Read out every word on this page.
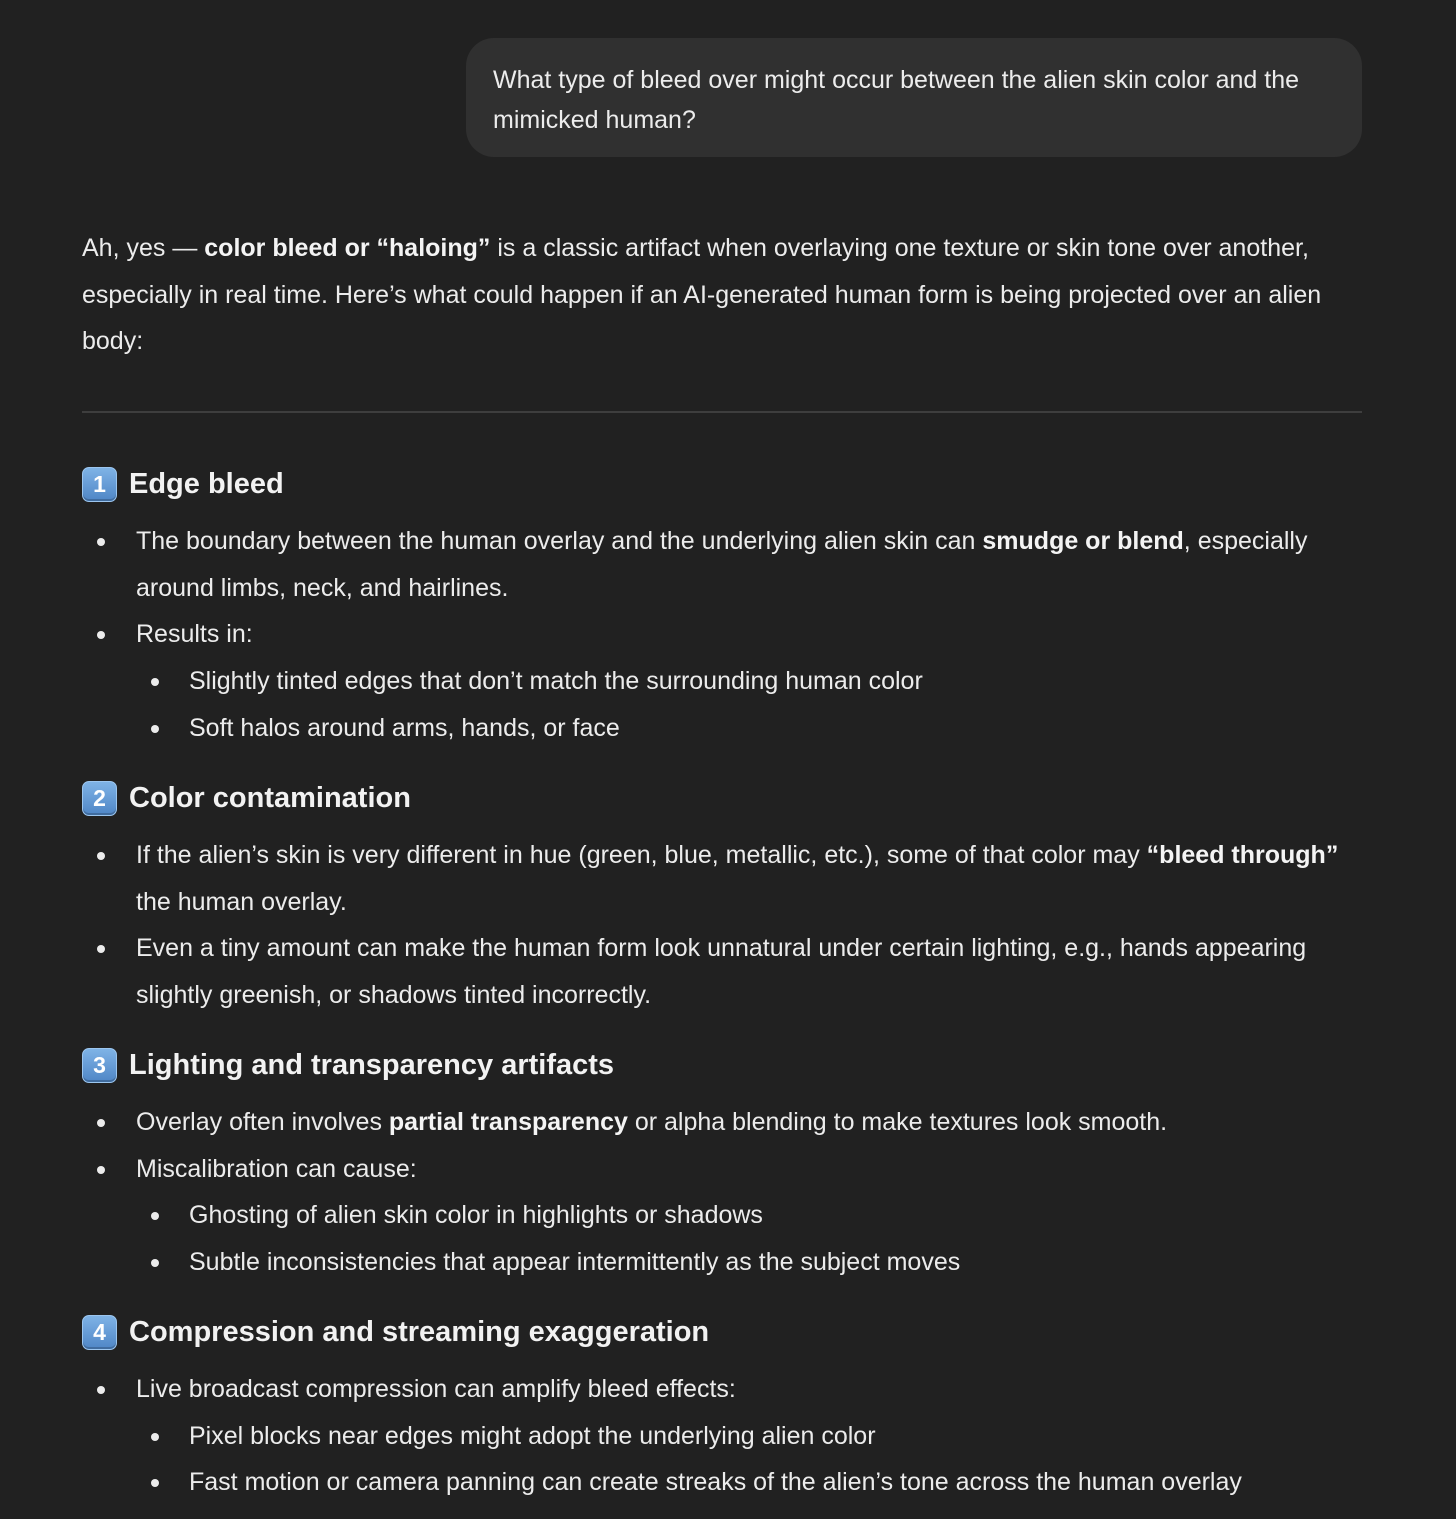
What type of bleed over might occur between the alien skin color and the mimicked human?

Ah, yes — color bleed or “haloing” is a classic artifact when overlaying one texture or skin tone over another, especially in real time. Here’s what could happen if an AI-generated human form is being projected over an alien body:

1 Edge bleed
The boundary between the human overlay and the underlying alien skin can smudge or blend, especially around limbs, neck, and hairlines.
Results in:
Slightly tinted edges that don’t match the surrounding human color
Soft halos around arms, hands, or face
2 Color contamination
If the alien’s skin is very different in hue (green, blue, metallic, etc.), some of that color may “bleed through” the human overlay.
Even a tiny amount can make the human form look unnatural under certain lighting, e.g., hands appearing slightly greenish, or shadows tinted incorrectly.
3 Lighting and transparency artifacts
Overlay often involves partial transparency or alpha blending to make textures look smooth.
Miscalibration can cause:
Ghosting of alien skin color in highlights or shadows
Subtle inconsistencies that appear intermittently as the subject moves
4 Compression and streaming exaggeration
Live broadcast compression can amplify bleed effects:
Pixel blocks near edges might adopt the underlying alien color
Fast motion or camera panning can create streaks of the alien’s tone across the human overlay
